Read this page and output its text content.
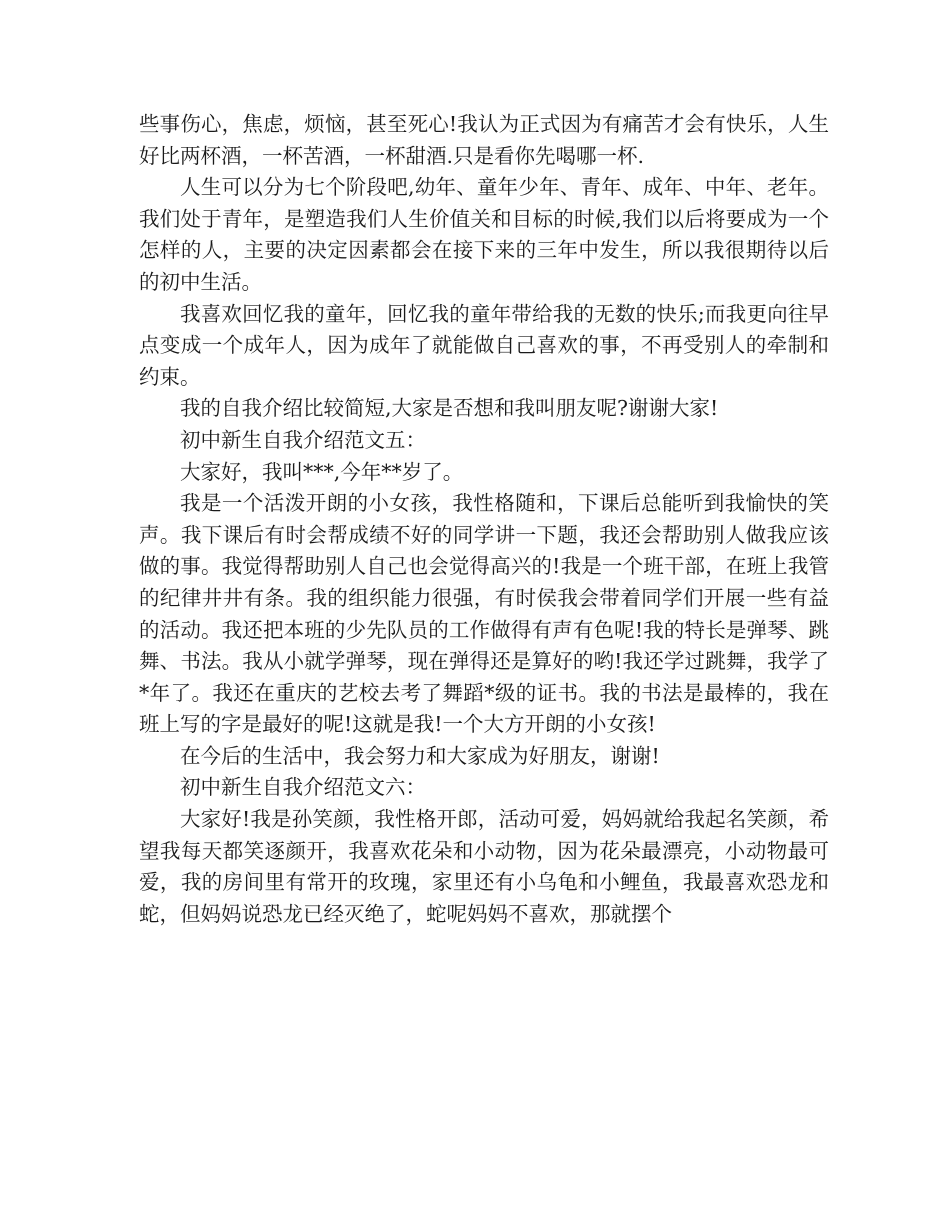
些事伤心，焦虑，烦恼，甚至死心!我认为正式因为有痛苦才会有快乐，人生好比两杯酒，一杯苦酒，一杯甜酒.只是看你先喝哪一杯.

人生可以分为七个阶段吧,幼年、童年少年、青年、成年、中年、老年。我们处于青年，是塑造我们人生价值关和目标的时候,我们以后将要成为一个怎样的人，主要的决定因素都会在接下来的三年中发生，所以我很期待以后的初中生活。

我喜欢回忆我的童年，回忆我的童年带给我的无数的快乐;而我更向往早点变成一个成年人，因为成年了就能做自己喜欢的事，不再受别人的牵制和约束。

我的自我介绍比较简短,大家是否想和我叫朋友呢?谢谢大家!

初中新生自我介绍范文五：

大家好，我叫***,今年**岁了。

我是一个活泼开朗的小女孩，我性格随和，下课后总能听到我愉快的笑声。我下课后有时会帮成绩不好的同学讲一下题，我还会帮助别人做我应该做的事。我觉得帮助别人自己也会觉得高兴的!我是一个班干部，在班上我管的纪律井井有条。我的组织能力很强，有时侯我会带着同学们开展一些有益的活动。我还把本班的少先队员的工作做得有声有色呢!我的特长是弹琴、跳舞、书法。我从小就学弹琴，现在弹得还是算好的哟!我还学过跳舞，我学了*年了。我还在重庆的艺校去考了舞蹈*级的证书。我的书法是最棒的，我在班上写的字是最好的呢!这就是我!一个大方开朗的小女孩!

在今后的生活中，我会努力和大家成为好朋友，谢谢!

初中新生自我介绍范文六：

大家好!我是孙笑颜，我性格开郎，活动可爱，妈妈就给我起名笑颜，希望我每天都笑逐颜开，我喜欢花朵和小动物，因为花朵最漂亮，小动物最可爱，我的房间里有常开的玫瑰，家里还有小乌龟和小鲤鱼，我最喜欢恐龙和蛇，但妈妈说恐龙已经灭绝了，蛇呢妈妈不喜欢，那就摆个
